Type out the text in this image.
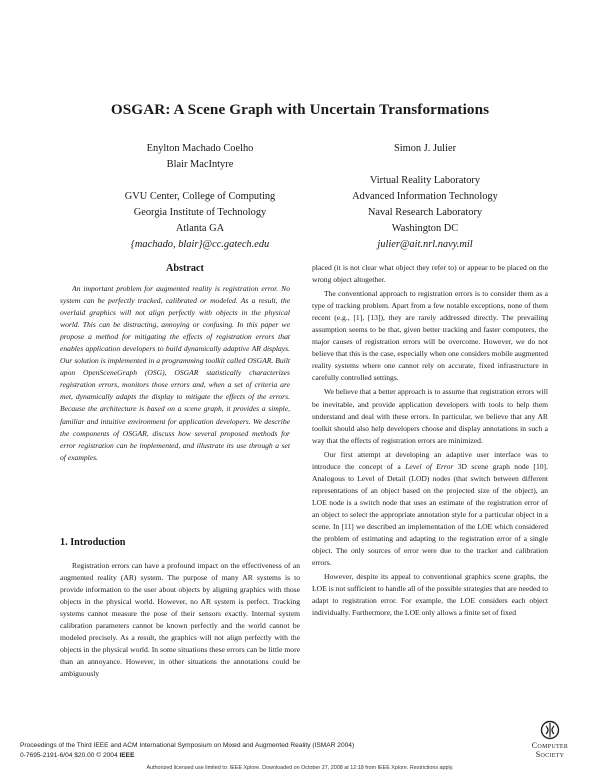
OSGAR: A Scene Graph with Uncertain Transformations
Enylton Machado Coelho
Blair MacIntyre
GVU Center, College of Computing
Georgia Institute of Technology
Atlanta GA
{machado, blair}@cc.gatech.edu
Simon J. Julier
Virtual Reality Laboratory
Advanced Information Technology
Naval Research Laboratory
Washington DC
julier@ait.nrl.navy.mil
Abstract
An important problem for augmented reality is registration error. No system can be perfectly tracked, calibrated or modeled. As a result, the overlaid graphics will not align perfectly with objects in the physical world. This can be distracting, annoying or confusing. In this paper we propose a method for mitigating the effects of registration errors that enables application developers to build dynamically adaptive AR displays. Our solution is implemented in a programming toolkit called OSGAR. Built upon OpenSceneGraph (OSG), OSGAR statistically characterizes registration errors, monitors those errors and, when a set of criteria are met, dynamically adapts the display to mitigate the effects of the errors. Because the architecture is based on a scene graph, it provides a simple, familiar and intuitive environment for application developers. We describe the components of OSGAR, discuss how several proposed methods for error registration can be implemented, and illustrate its use through a set of examples.
1. Introduction

Registration errors can have a profound impact on the effectiveness of an augmented reality (AR) system. The purpose of many AR systems is to provide information to the user about objects by aligning graphics with those objects in the physical world. However, no AR system is perfect. Tracking systems cannot measure the pose of their sensors exactly. Internal system calibration parameters cannot be known perfectly and the world cannot be modeled precisely. As a result, the graphics will not align perfectly with the objects in the physical world. In some situations these errors can be little more than an annoyance. However, in other situations the annotations could be ambiguously

placed (it is not clear what object they refer to) or appear to be placed on the wrong object altogether.

The conventional approach to registration errors is to consider them as a type of tracking problem. Apart from a few notable exceptions, none of them recent (e.g., [1], [13]), they are rarely addressed directly. The prevailing assumption seems to be that, given better tracking and faster computers, the major causes of registration errors will be overcome. However, we do not believe that this is the case, especially when one considers mobile augmented reality systems where one cannot rely on accurate, fixed infrastructure in carefully controlled settings.

We believe that a better approach is to assume that registration errors will be inevitable, and provide application developers with tools to help them understand and deal with these errors. In particular, we believe that any AR toolkit should also help developers choose and display annotations in such a way that the effects of registration errors are minimized.

Our first attempt at developing an adaptive user interface was to introduce the concept of a Level of Error 3D scene graph node [10]. Analogous to Level of Detail (LOD) nodes (that switch between different representations of an object based on the projected size of the object), an LOE node is a switch node that uses an estimate of the registration error of an object to select the appropriate annotation style for a particular object in a scene. In [11] we described an implementation of the LOE which considered the problem of estimating and adapting to the registration error of a single object. The only sources of error were due to the tracker and calibration errors.

However, despite its appeal to conventional graphics scene graphs, the LOE is not sufficient to handle all of the possible strategies that are needed to adapt to registration error. For example, the LOE considers each object individually. Furthermore, the LOE only allows a finite set of fixed

Proceedings of the Third IEEE and ACM International Symposium on Mixed and Augmented Reality (ISMAR 2004)
0-7695-2191-6/04 $20.00 © 2004 IEEE
Authorized licensed use limited to: IEEE Xplore. Downloaded on October 27, 2008 at 12:18 from IEEE Xplore. Restrictions apply.
Computer
Society
